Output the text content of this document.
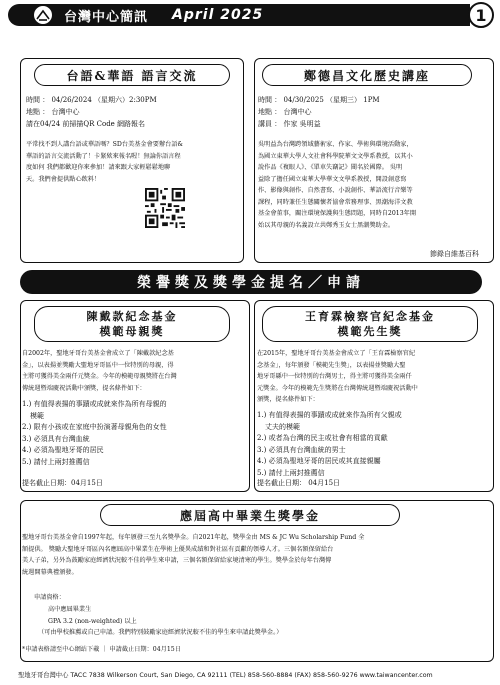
台灣中心簡訊 April 2025	1
台語&華語 語言交流
時間 ： 04/26/2024 （星期六）2:30PM
地點 ： 台灣中心
請在04/24 前掃描QR Code 網路報名
平常找不到人講台語或華語嗎？SD台美基金會要辦台語&
華語的語言交流活動了！卡緊欸來報名喔！無論你語言程
度如何 我們都歡迎你來參加！請來跟大家輕鬆鬆地聊
天。我們會提供點心飲料！
鄭德昌文化歷史講座
時間 ： 04/30/2025 （星期三） 1PM
地點 ： 台灣中心
講員 ： 作家 吳明益
吳明益為台灣跨領域藝術家、作家、學術與環境活動家，
為國立東華大學人文社會科學院華文文學系教授，以其小
說作品《複眼人》、《單車失竊記》聞名於國際。 吳明
益除了擔任國立東華大學華文文學系教授，開設創意寫
作、影像與創作、自然書寫、小說創作、華語流行音樂等
課程，同時兼任生態關懷者協會常務理事、黑潮海洋文教
基金會董事，關注環境保護與生態問題，同時自2013年開
始以其母親的名義設立共鄭秀玉女士黑潮獎助金。
節錄自維基百科
榮譽獎及獎學金提名／申請
陳戴款紀念基金
模範母親獎
自2002年，聖地牙哥台美基金會成立了「陳戴款紀念基
金」，以表揚並獎勵大聖地牙哥區中一位特別的母親，得
主將可獲得美金兩仟元獎金。今年的模範母親獎將在台灣
傳統週暨端慶祝活動中頒獎，提名條件如下：
1.) 有值得表揚的事蹟或成就來作為所有母親的
模範
2.) 限有小孩或在家庭中扮演著母親角色的女性
3.) 必須具有台灣血統
4.) 必須為聖地牙哥的居民
5.) 請付上兩封推薦信
提名截止日期：04月15日
王育霖檢察官紀念基金
模範先生獎
在2015年，聖地牙哥台美基金會成立了「王育霖檢察官紀
念基金」，每年頒發「模範先生獎」，以表揚並獎勵大聖
地牙哥縣中一位特別的台灣男士，得主將可獲得美金兩仟
元獎金。今年的模範先生獎將在台灣傳統週暨端慶祝活動中
頒獎，提名條件如下：
1.) 有值得表揚的事蹟或成就來作為所有父親或
丈夫的模範
2.) 或者為台灣的民主或社會有相當的貢獻
3.) 必須具有台灣血統的男士
4.) 必須為聖地牙哥的居民或其直接親屬
5.) 請付上兩封推薦信
提名截止日期： 04月15日
應屆高中畢業生獎學金
聖地牙哥台美基金會自1997年起，每年頒發三至九名獎學金。自2021年起，獎學金由 MS & JC Wu Scholarship Fund 全
額提供。 獎勵大聖地牙哥區內名應屆高中畢業生在學術上優異成績和對社區有貢獻的領導人才。三個名額保留給台
美人子弟，另外為鼓勵家庭經濟狀況較不佳的學生來申請，三個名額保留給家境清寒的學生。獎學金於每年台灣傳
統週開幕典禮頒發。
申請資格：
高中應屆畢業生
GPA 3.2 (non-weighted) 以上
（可由學校推薦或自己申請。我們特別鼓勵家庭經濟狀況較不佳的學生來申請此獎學金。）
*申請表格請至中心網站下載 ｜ 申請截止日期：04月15日
聖地牙哥台灣中心 TACC 7838 Wilkerson Court, San Diego, CA 92111 (TEL) 858-560-8884 (FAX) 858-560-9276 www.taiwancenter.com
